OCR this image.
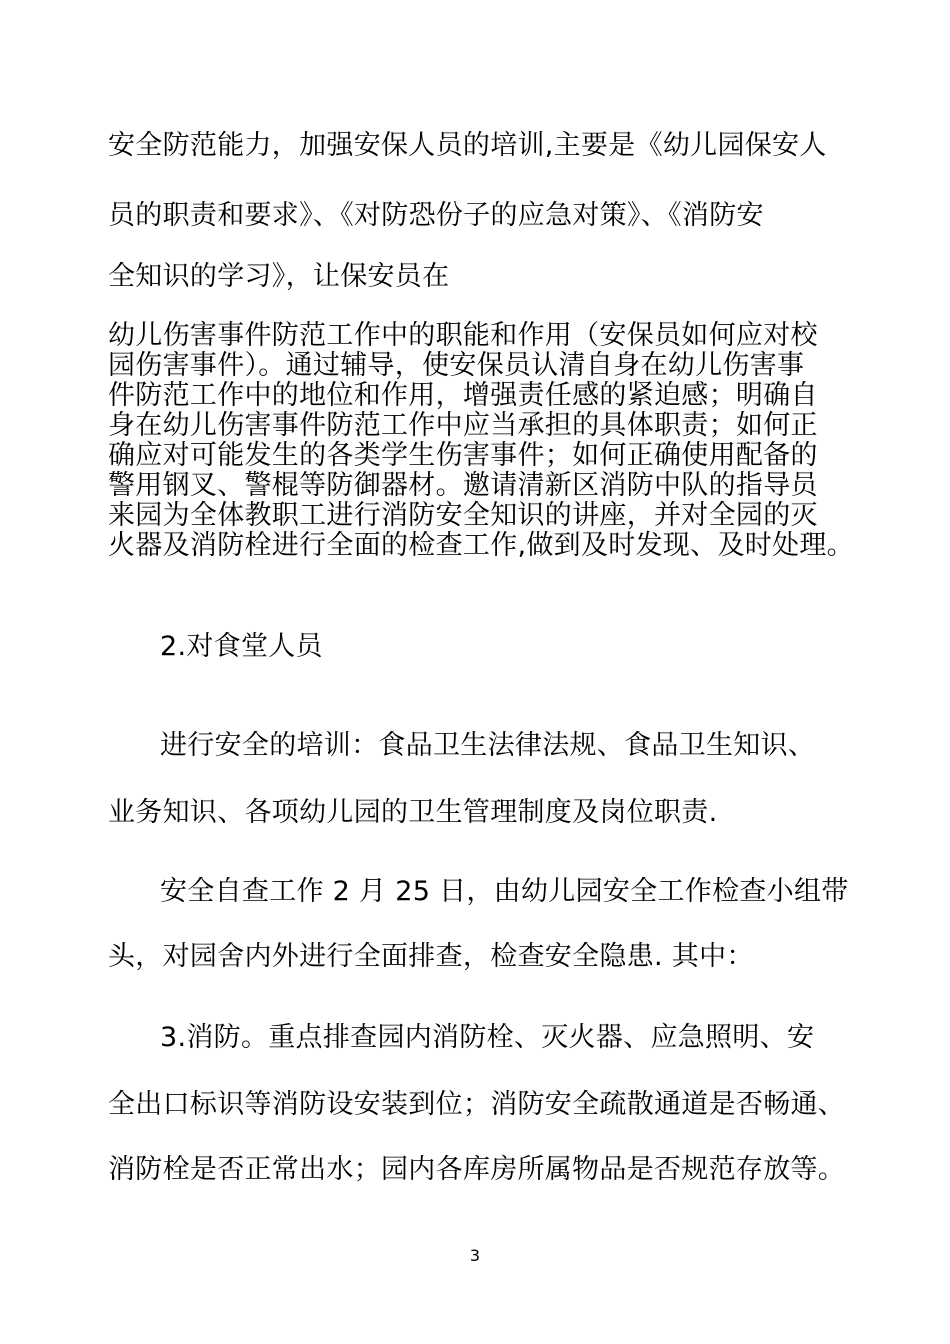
安全防范能力，加强安保人员的培训,主要是《幼儿园保安人

员的职责和要求》、《对防恐份子的应急对策》、《消防安

全知识的学习》，让保安员在

幼儿伤害事件防范工作中的职能和作用（安保员如何应对校
园伤害事件）。通过辅导，使安保员认清自身在幼儿伤害事
件防范工作中的地位和作用，增强责任感的紧迫感；明确自
身在幼儿伤害事件防范工作中应当承担的具体职责；如何正
确应对可能发生的各类学生伤害事件；如何正确使用配备的
警用钢叉、警棍等防御器材。邀请清新区消防中队的指导员
来园为全体教职工进行消防安全知识的讲座，并对全园的灭
火器及消防栓进行全面的检查工作,做到及时发现、及时处理。

2.对食堂人员

进行安全的培训：食品卫生法律法规、食品卫生知识、

业务知识、各项幼儿园的卫生管理制度及岗位职责.

安全自查工作 2 月 25 日，由幼儿园安全工作检查小组带

头，对园舍内外进行全面排查，检查安全隐患. 其中：

3.消防。重点排查园内消防栓、灭火器、应急照明、安

全出口标识等消防设安装到位；消防安全疏散通道是否畅通、

消防栓是否正常出水；园内各库房所属物品是否规范存放等。

3
